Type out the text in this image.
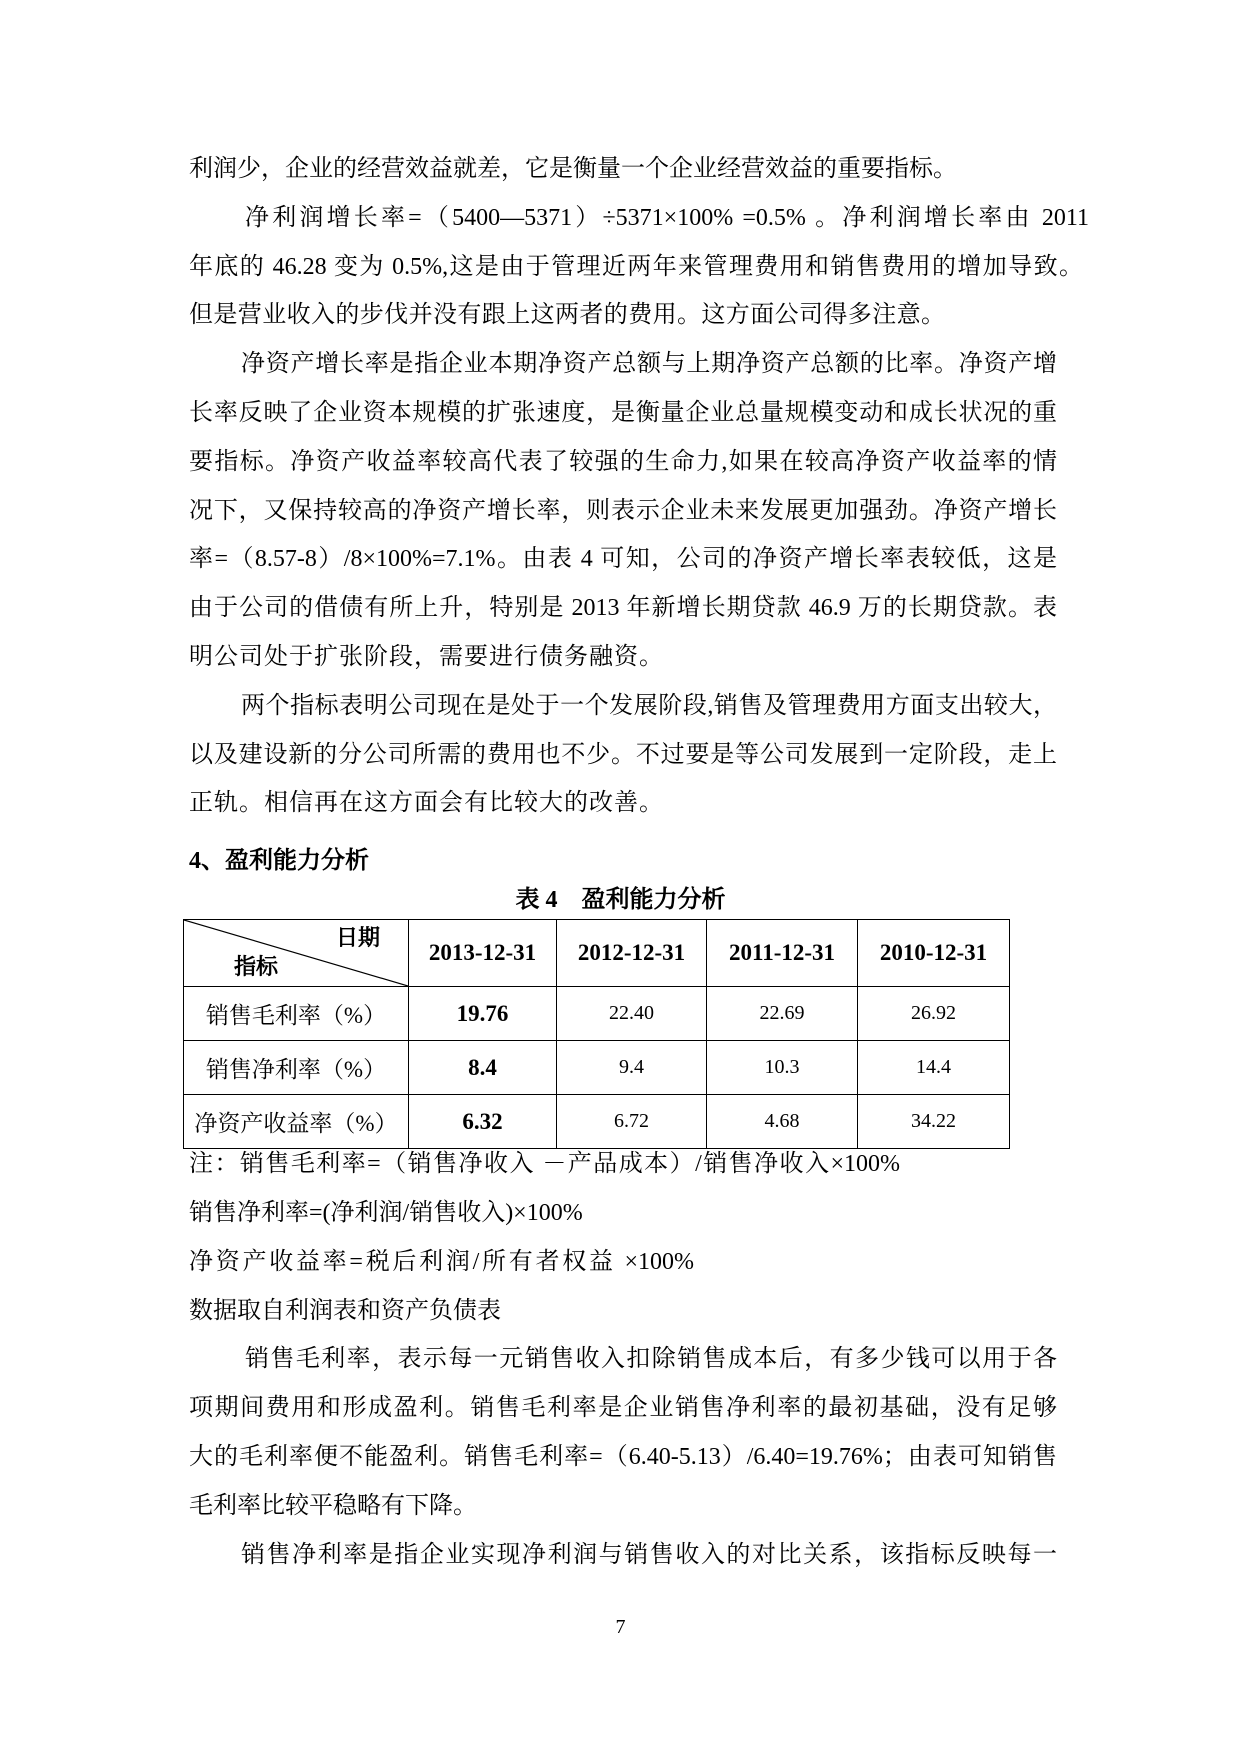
利润少，企业的经营效益就差，它是衡量一个企业经营效益的重要指标。
净利润增长率=（5400—5371）÷5371×100% =0.5% 。净利润增长率由 2011
年底的 46.28 变为 0.5%,这是由于管理近两年来管理费用和销售费用的增加导致。
但是营业收入的步伐并没有跟上这两者的费用。这方面公司得多注意。
净资产增长率是指企业本期净资产总额与上期净资产总额的比率。净资产增
长率反映了企业资本规模的扩张速度，是衡量企业总量规模变动和成长状况的重
要指标。净资产收益率较高代表了较强的生命力,如果在较高净资产收益率的情
况下，又保持较高的净资产增长率，则表示企业未来发展更加强劲。净资产增长
率=（8.57-8）/8×100%=7.1%。由表 4 可知，公司的净资产增长率表较低，这是
由于公司的借债有所上升，特别是 2013 年新增长期贷款 46.9 万的长期贷款。表
明公司处于扩张阶段，需要进行债务融资。
两个指标表明公司现在是处于一个发展阶段,销售及管理费用方面支出较大，
以及建设新的分公司所需的费用也不少。不过要是等公司发展到一定阶段，走上
正轨。相信再在这方面会有比较大的改善。
4、盈利能力分析
表 4　盈利能力分析
日期
指标	2013-12-31	2012-12-31	2011-12-31	2010-12-31
销售毛利率（%）	19.76	22.40	22.69	26.92
销售净利率（%）	8.4	9.4	10.3	14.4
净资产收益率（%）	6.32	6.72	4.68	34.22
注：销售毛利率=（销售净收入 －产品成本）/销售净收入×100%
销售净利率=(净利润/销售收入)×100%
净资产收益率=税后利润/所有者权益 ×100%
数据取自利润表和资产负债表
销售毛利率，表示每一元销售收入扣除销售成本后，有多少钱可以用于各
项期间费用和形成盈利。销售毛利率是企业销售净利率的最初基础，没有足够
大的毛利率便不能盈利。销售毛利率=（6.40-5.13）/6.40=19.76%；由表可知销售
毛利率比较平稳略有下降。
销售净利率是指企业实现净利润与销售收入的对比关系，该指标反映每一
7
